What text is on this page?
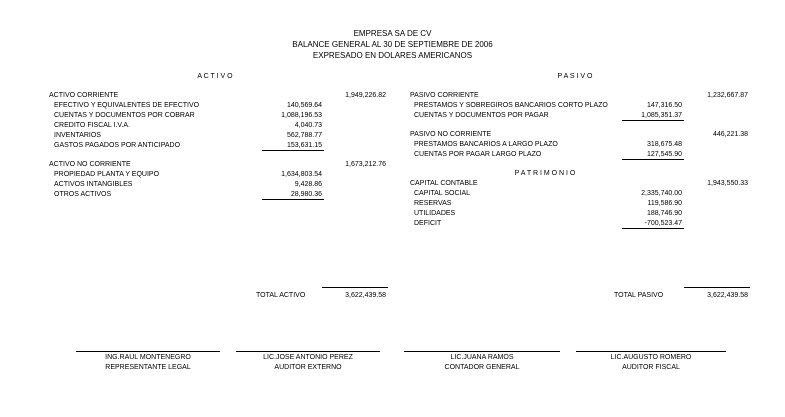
EMPRESA SA DE CV
BALANCE GENERAL AL 30 DE SEPTIEMBRE DE 2006
EXPRESADO EN DOLARES AMERICANOS
A C T I V O	P A S I V O
ACTIVO CORRIENTE	1,949,226.82
EFECTIVO Y EQUIVALENTES DE EFECTIVO	140,569.64
CUENTAS Y DOCUMENTOS POR COBRAR	1,088,196.53
CREDITO FISCAL I.V.A.	4,040.73
INVENTARIOS	562,788.77
GASTOS PAGADOS POR ANTICIPADO	153,631.15
ACTIVO NO CORRIENTE	1,673,212.76
PROPIEDAD PLANTA Y EQUIPO	1,634,803.54
ACTIVOS INTANGIBLES	9,428.86
OTROS ACTIVOS	28,980.36
PASIVO CORRIENTE	1,232,667.87
PRESTAMOS Y SOBREGIROS BANCARIOS CORTO PLAZO	147,316.50
CUENTAS Y DOCUMENTOS POR PAGAR	1,085,351.37
PASIVO NO CORRIENTE	446,221.38
PRESTAMOS BANCARIOS A LARGO PLAZO	318,675.48
CUENTAS POR PAGAR LARGO PLAZO	127,545.90
P A T R I M O N I O
CAPITAL CONTABLE	1,943,550.33
CAPITAL SOCIAL	2,335,740.00
RESERVAS	119,586.90
UTILIDADES	188,746.90
DEFICIT	-700,523.47
TOTAL ACTIVO	3,622,439.58	TOTAL PASIVO	3,622,439.58
ING.RAUL MONTENEGRO
REPRESENTANTE LEGAL
LIC.JOSE ANTONIO PEREZ
AUDITOR EXTERNO
LIC.JUANA RAMOS
CONTADOR GENERAL
LIC.AUGUSTO ROMERO
AUDITOR FISCAL
